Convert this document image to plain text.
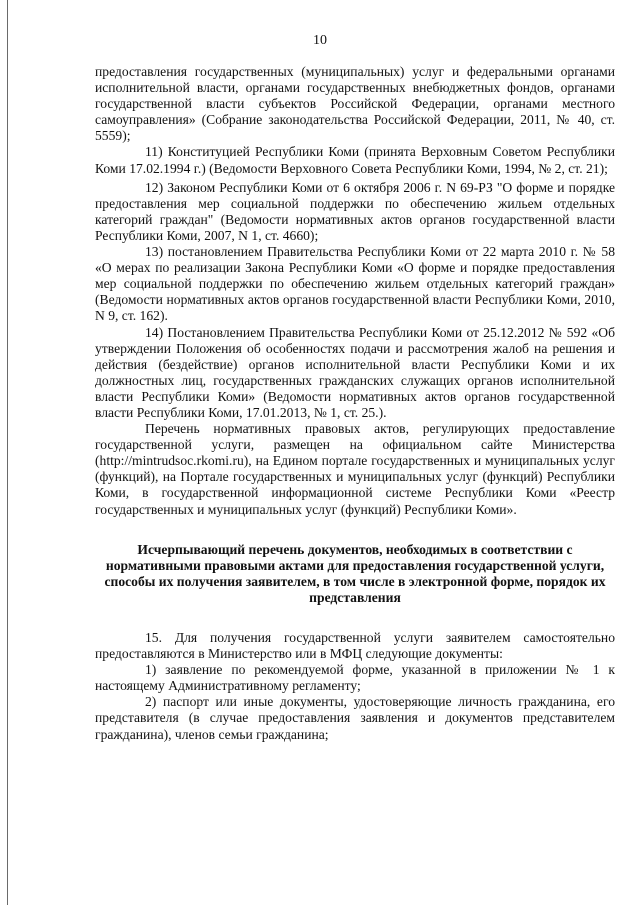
10

предоставления государственных (муниципальных) услуг и федеральными органами исполнительной власти, органами государственных внебюджетных фондов, органами государственной власти субъектов Российской Федерации, органами местного самоуправления» (Собрание законодательства Российской Федерации, 2011, № 40, ст. 5559);

11) Конституцией Республики Коми (принята Верховным Советом Республики Коми 17.02.1994 г.) (Ведомости Верховного Совета Республики Коми, 1994, № 2, ст. 21);

12) Законом Республики Коми от 6 октября 2006 г. N 69-РЗ "О форме и порядке предоставления мер социальной поддержки по обеспечению жильем отдельных категорий граждан" (Ведомости нормативных актов органов государственной власти Республики Коми, 2007, N 1, ст. 4660);

13) постановлением Правительства Республики Коми от 22 марта 2010 г. № 58 «О мерах по реализации Закона Республики Коми «О форме и порядке предоставления мер социальной поддержки по обеспечению жильем отдельных категорий граждан» (Ведомости нормативных актов органов государственной власти Республики Коми, 2010, N 9, ст. 162).

14) Постановлением Правительства Республики Коми от 25.12.2012 № 592 «Об утверждении Положения об особенностях подачи и рассмотрения жалоб на решения и действия (бездействие) органов исполнительной власти Республики Коми и их должностных лиц, государственных гражданских служащих органов исполнительной власти Республики Коми» (Ведомости нормативных актов органов государственной власти Республики Коми, 17.01.2013, № 1, ст. 25.).

Перечень нормативных правовых актов, регулирующих предоставление государственной услуги, размещен на официальном сайте Министерства (http://mintrudsoc.rkomi.ru), на Едином портале государственных и муниципальных услуг (функций), на Портале государственных и муниципальных услуг (функций) Республики Коми, в государственной информационной системе Республики Коми «Реестр государственных и муниципальных услуг (функций) Республики Коми».

Исчерпывающий перечень документов, необходимых в соответствии с нормативными правовыми актами для предоставления государственной услуги, способы их получения заявителем, в том числе в электронной форме, порядок их представления

15. Для получения государственной услуги заявителем самостоятельно предоставляются в Министерство или в МФЦ следующие документы:

1) заявление по рекомендуемой форме, указанной в приложении № 1 к настоящему Административному регламенту;

2) паспорт или иные документы, удостоверяющие личность гражданина, его представителя (в случае предоставления заявления и документов представителем гражданина), членов семьи гражданина;
